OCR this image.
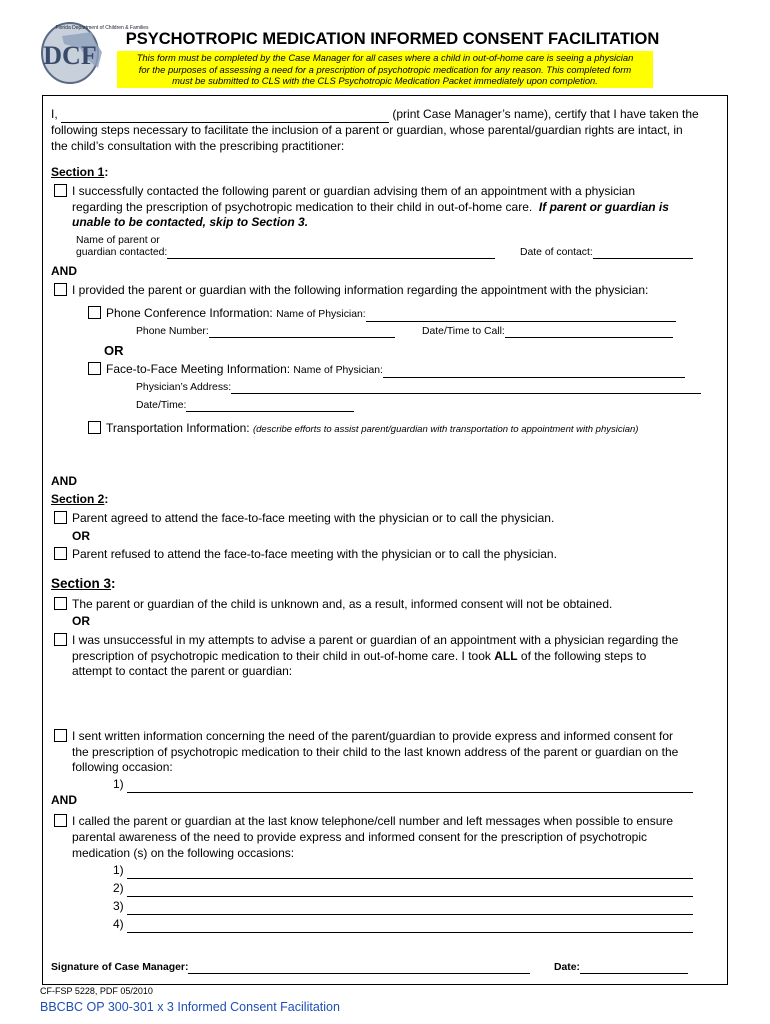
DCF
Florida Department of Children & Families
PSYCHOTROPIC MEDICATION INFORMED CONSENT FACILITATION
This form must be completed by the Case Manager for all cases where a child in out-of-home care is seeing a physician
for the purposes of assessing a need for a prescription of psychotropic medication for any reason. This completed form
must be submitted to CLS with the CLS Psychotropic Medication Packet immediately upon completion.
I,	(print Case Manager’s name), certify that I have taken the
following steps necessary to facilitate the inclusion of a parent or guardian, whose parental/guardian rights are intact, in
the child’s consultation with the prescribing practitioner:
Section 1:
I successfully contacted the following parent or guardian advising them of an appointment with a physician
regarding the prescription of psychotropic medication to their child in out-of-home care. If parent or guardian is
unable to be contacted, skip to Section 3.
Name of parent or
guardian contacted:	Date of contact:
AND
I provided the parent or guardian with the following information regarding the appointment with the physician:
Phone Conference Information: Name of Physician:
Phone Number:	Date/Time to Call:
OR
Face-to-Face Meeting Information: Name of Physician:
Physician’s Address:
Date/Time:
Transportation Information: (describe efforts to assist parent/guardian with transportation to appointment with physician)
AND
Section 2:
Parent agreed to attend the face-to-face meeting with the physician or to call the physician.
OR
Parent refused to attend the face-to-face meeting with the physician or to call the physician.
Section 3:
The parent or guardian of the child is unknown and, as a result, informed consent will not be obtained.
OR
I was unsuccessful in my attempts to advise a parent or guardian of an appointment with a physician regarding the
prescription of psychotropic medication to their child in out-of-home care. I took ALL of the following steps to
attempt to contact the parent or guardian:
I sent written information concerning the need of the parent/guardian to provide express and informed consent for
the prescription of psychotropic medication to their child to the last known address of the parent or guardian on the
following occasion:
1)
AND
I called the parent or guardian at the last know telephone/cell number and left messages when possible to ensure
parental awareness of the need to provide express and informed consent for the prescription of psychotropic
medication (s) on the following occasions:
1)
2)
3)
4)
Signature of Case Manager:	Date:
CF-FSP 5228, PDF 05/2010
BBCBC OP 300-301 x 3 Informed Consent Facilitation
